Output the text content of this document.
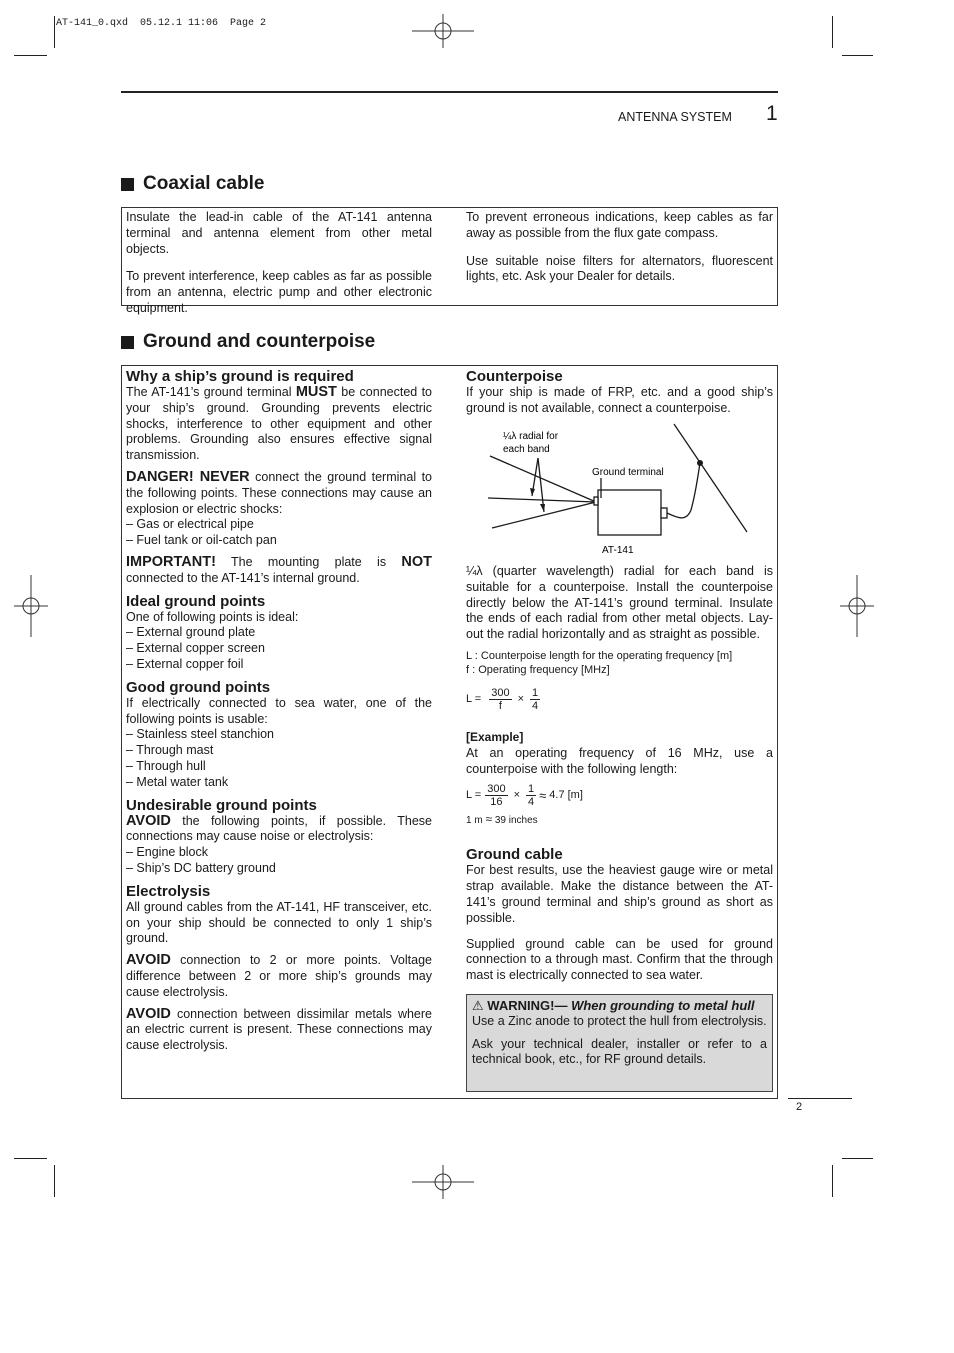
AT-141_0.qxd  05.12.1 11:06  Page 2
ANTENNA SYSTEM 1
Coaxial cable

Insulate the lead-in cable of the AT-141 antenna terminal and antenna element from other metal objects.

To prevent interference, keep cables as far as possible from an antenna, electric pump and other electronic equipment.

To prevent erroneous indications, keep cables as far away as possible from the flux gate compass.

Use suitable noise filters for alternators, fluorescent lights, etc. Ask your Dealer for details.

Ground and counterpoise
Why a ship’s ground is required

The AT-141’s ground terminal MUST be connected to your ship’s ground. Grounding prevents electric shocks, interference to other equipment and other problems. Grounding also ensures effective signal transmission.

DANGER! NEVER connect the ground terminal to the following points. These connections may cause an explosion or electric shocks:

– Gas or electrical pipe

– Fuel tank or oil-catch pan

IMPORTANT! The mounting plate is NOT connected to the AT-141’s internal ground.

Ideal ground points

One of following points is ideal:

– External ground plate

– External copper screen

– External copper foil

Good ground points

If electrically connected to sea water, one of the following points is usable:

– Stainless steel stanchion

– Through mast

– Through hull

– Metal water tank

Undesirable ground points

AVOID the following points, if possible. These connections may cause noise or electrolysis:

– Engine block

– Ship’s DC battery ground

Electrolysis

All ground cables from the AT-141, HF transceiver, etc. on your ship should be connected to only 1 ship’s ground.

AVOID connection to 2 or more points. Voltage difference between 2 or more ship’s grounds may cause electrolysis.

AVOID connection between dissimilar metals where an electric current is present. These connections may cause electrolysis.

Counterpoise

If your ship is made of FRP, etc. and a good ship’s ground is not available, connect a counterpoise.

¼λ radial for
each band
Ground terminal
AT-141

¼λ (quarter wavelength) radial for each band is suitable for a counterpoise. Install the counterpoise directly below the AT-141’s ground terminal. Insulate the ends of each radial from other metal objects. Lay-out the radial horizontally and as straight as possible.

L : Counterpoise length for the operating frequency [m]

f : Operating frequency [MHz]

$L = \frac{300}{f} \times \frac{1}{4}$

[Example]

At an operating frequency of 16 MHz, use a counterpoise with the following length:

$L = \frac{300}{16} \times \frac{1}{4} \approx 4.7$ [m]
1 m ≈ 39 inches
Ground cable

For best results, use the heaviest gauge wire or metal strap available. Make the distance between the AT-141’s ground terminal and ship’s ground as short as possible.

Supplied ground cable can be used for ground connection to a through mast. Confirm that the through mast is electrically connected to sea water.

⚠ WARNING!— When grounding to metal hull

Use a Zinc anode to protect the hull from electrolysis.

Ask your technical dealer, installer or refer to a technical book, etc., for RF ground details.

2
